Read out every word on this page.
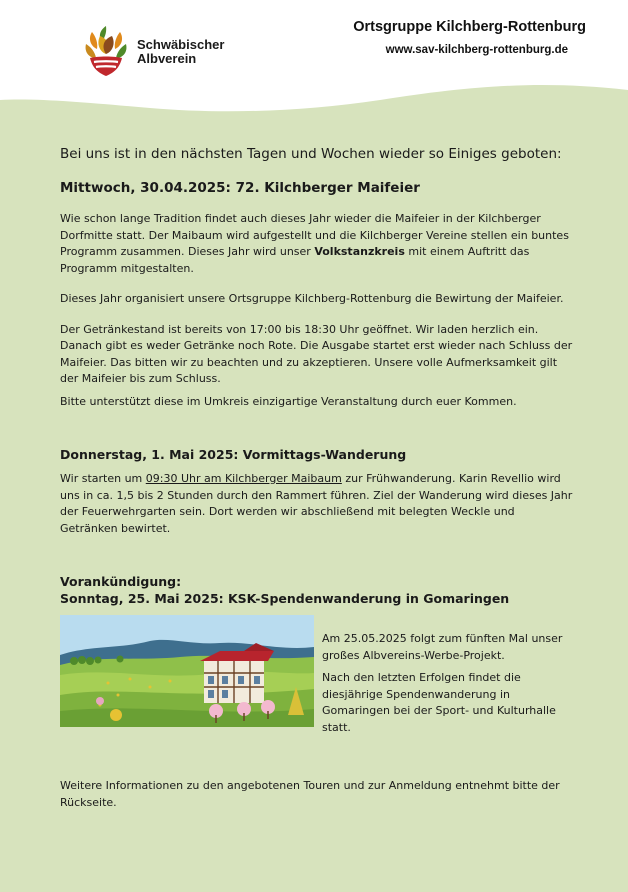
Schwäbischer
Albverein
Ortsgruppe Kilchberg-Rottenburg
www.sav-kilchberg-rottenburg.de
Bei uns ist in den nächsten Tagen und Wochen wieder so Einiges geboten:
Mittwoch, 30.04.2025: 72. Kilchberger Maifeier

Wie schon lange Tradition findet auch dieses Jahr wieder die Maifeier in der Kilchberger Dorfmitte statt. Der Maibaum wird aufgestellt und die Kilchberger Vereine stellen ein buntes Programm zusammen. Dieses Jahr wird unser Volkstanzkreis mit einem Auftritt das Programm mitgestalten.

Dieses Jahr organisiert unsere Ortsgruppe Kilchberg-Rottenburg die Bewirtung der Maifeier.

Der Getränkestand ist bereits von 17:00 bis 18:30 Uhr geöffnet. Wir laden herzlich ein. Danach gibt es weder Getränke noch Rote. Die Ausgabe startet erst wieder nach Schluss der Maifeier. Das bitten wir zu beachten und zu akzeptieren. Unsere volle Aufmerksamkeit gilt der Maifeier bis zum Schluss.

Bitte unterstützt diese im Umkreis einzigartige Veranstaltung durch euer Kommen.

Donnerstag, 1. Mai 2025: Vormittags-Wanderung

Wir starten um 09:30 Uhr am Kilchberger Maibaum zur Frühwanderung. Karin Revellio wird uns in ca. 1,5 bis 2 Stunden durch den Rammert führen. Ziel der Wanderung wird dieses Jahr der Feuerwehrgarten sein. Dort werden wir abschließend mit belegten Weckle und Getränken bewirtet.

Vorankündigung:
Sonntag, 25. Mai 2025: KSK-Spendenwanderung in Gomaringen

Am 25.05.2025 folgt zum fünften Mal unser großes Albvereins-Werbe-Projekt.

Nach den letzten Erfolgen findet die diesjährige Spendenwanderung in Gomaringen bei der Sport- und Kulturhalle statt.

Weitere Informationen zu den angebotenen Touren und zur Anmeldung entnehmt bitte der Rückseite.
